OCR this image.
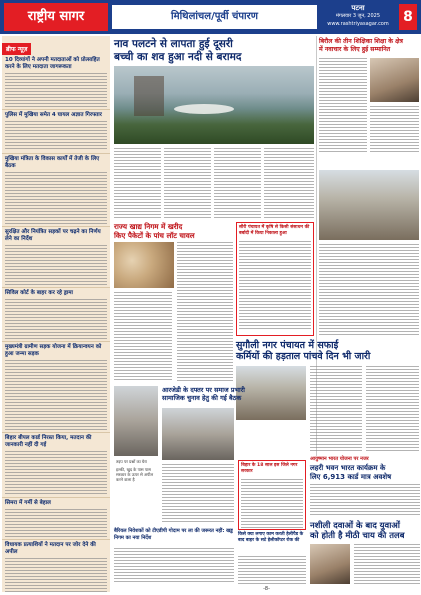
राष्ट्रीय सागर	मिथिलांचल/पूर्वी चंपारण
पटना
मंगलवार 3 जून, 2025
www.rashtriyasagar.com	8
ब्रीफ न्यूज़
10 दिव्यांगों ने अपनी मतदाताओं को प्रोत्साहित करने के लिए मतदाता जागरूकता
पुलिस में मुखिया समेत 4 घायल अज्ञात गिरफ्तार
मुखिया मंत्रिता के विकास कार्यों में तेजी के लिए बैठक
सुरक्षित और नियंत्रित सड़कों पर चढ़ने का निर्णय लेने का निर्देश
सिविल कोर्ट के बाहर कर रहे ड्रामा
मुख्यमंत्री ग्रामीण सड़क योजना में क्रियान्वयन को हुआ जन्मा सड़क
बिहार बीपल कार्ड निरस्त किया, मतदान की जानकारी नहीं दी गई
सिमरा में गर्मी से बेहाल
विधायक प्रत्याशियों ने मतदान पर जोर देने की अपील
नाव पलटने से लापता हुई दूसरी
बच्ची का शव हुआ नदी से बरामद
बिरौल की तीन शिक्षिका शिक्षा के क्षेत्र
में नवाचार के लिए हुई सम्मानित
राज्य खाद्य निगम में खरीद
किए पैकेटों के पांच लॉट चावल
सौरी पंचायत में कृषि से किसी संसाधन की बर्बादी में किया निकाला हुआ
सुगौली नगर पंचायत में सफाई
कर्मियों की हड़ताल पांचवे दिन भी जारी
आरजेडी के दफ्तर पर समाज प्रभारी
सामाजिक चुनाव हेतु की गई बैठक
तड़प पर प्रश्नों का घेरा
हल्की, खुद के पास पास सरकार के ऊपर से अपील करने वाला है
आयुष्मान भारत योजना पर नजर
लहरी भवन भारत कार्यक्रम के
लिए 6,913 कार्ड मात्र अवशेष
बिहार के 18 साल इस जिले नगर सरकार
बैरियल निवेशकों को टीएडीपी गोदाम पर ला की जरूरत नहीं: खड्ड निगम का नया निर्देश	किसे क्या लगाए काम करती हेलीपैड के बाद बाहर के सटे हेलीकॉप्टर रोक की
नशीली दवाओं के बाद युवाओं
को होती है मीठी चाय की तलब
-8-
